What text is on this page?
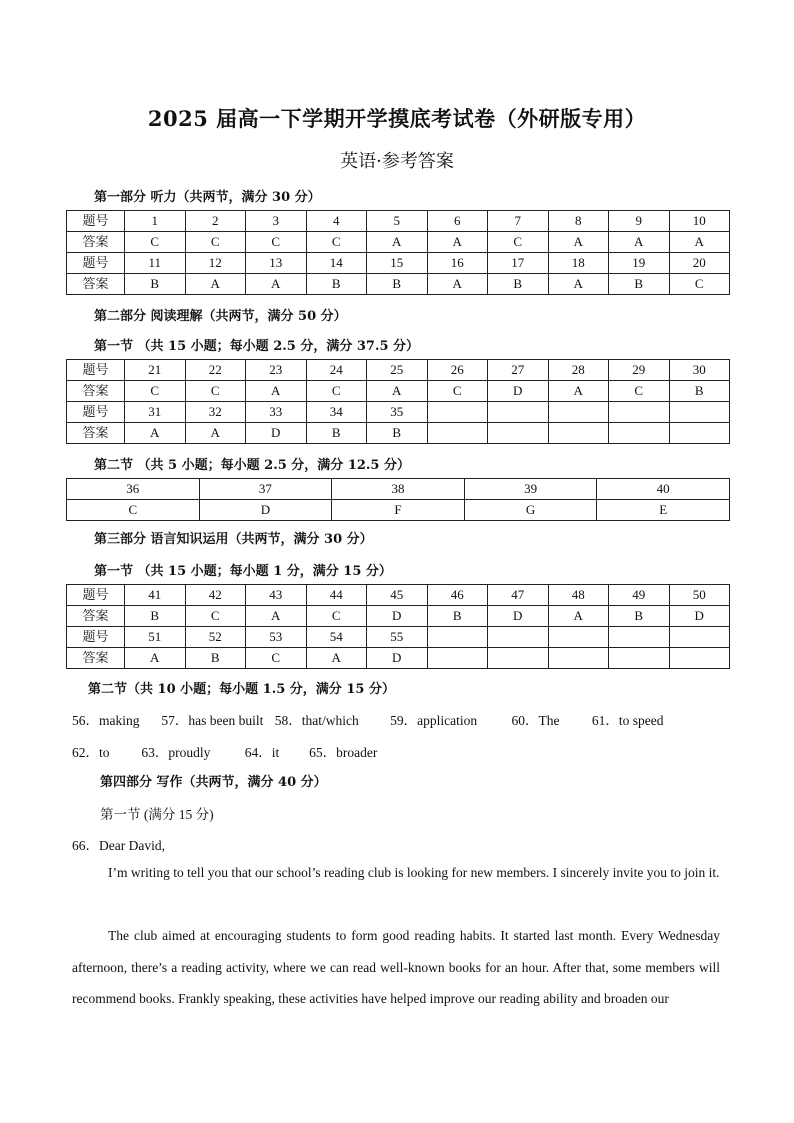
2025 届高一下学期开学摸底考试卷（外研版专用）
英语·参考答案
第一部分 听力（共两节，满分 30 分）
题号	1	2	3	4	5	6	7	8	9	10
答案	C	C	C	C	A	A	C	A	A	A
题号	11	12	13	14	15	16	17	18	19	20
答案	B	A	A	B	B	A	B	A	B	C
第二部分 阅读理解（共两节，满分 50 分）
第一节 （共 15 小题；每小题 2.5 分，满分 37.5 分）
题号	21	22	23	24	25	26	27	28	29	30
答案	C	C	A	C	A	C	D	A	C	B
题号	31	32	33	34	35					
答案	A	A	D	B	B					
第二节 （共 5 小题；每小题 2.5 分，满分 12.5 分）
36	37	38	39	40
C	D	F	G	E
第三部分 语言知识运用（共两节，满分 30 分）
第一节 （共 15 小题；每小题 1 分，满分 15 分）
题号	41	42	43	44	45	46	47	48	49	50
答案	B	C	A	C	D	B	D	A	B	D
题号	51	52	53	54	55					
答案	A	B	C	A	D					
第二节（共 10 小题；每小题 1.5 分，满分 15 分）
56．making 57．has been built 58．that/which 59．application	60．The 61．to speed
62．to 63．proudly	64．it 65．broader
第四部分 写作（共两节，满分 40 分）
第一节 (满分 15 分)
66．Dear David,
I’m writing to tell you that our school’s reading club is looking for new members. I sincerely invite you to join it.
The club aimed at encouraging students to form good reading habits. It started last month. Every Wednesday afternoon, there’s a reading activity, where we can read well-known books for an hour. After that, some members will recommend books. Frankly speaking, these activities have helped improve our reading ability and broaden our
